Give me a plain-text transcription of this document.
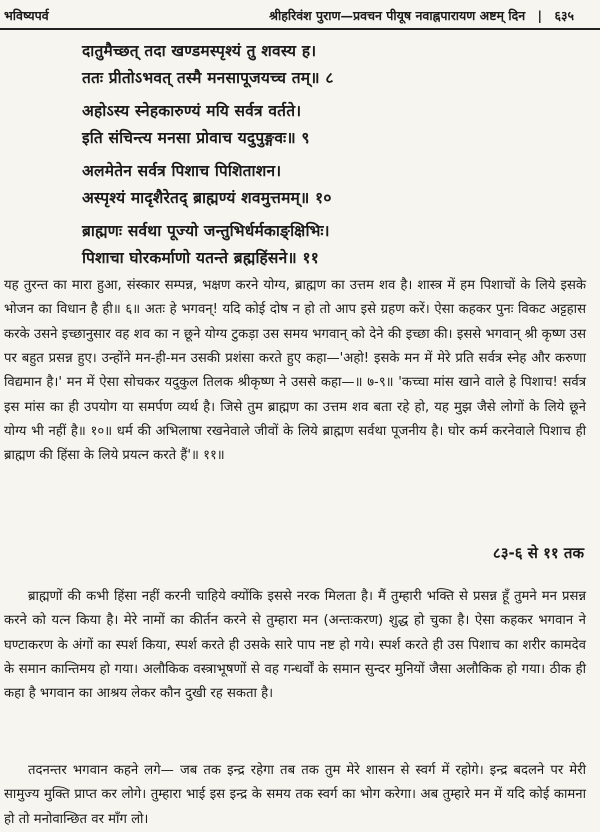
भविष्यपर्व	श्रीहरिवंश पुराण—प्रवचन पीयूष नवाह्नपारायण अष्टम् दिन | ६३५
दातुमैच्छत् तदा खण्डमस्पृश्यं तु शवस्य ह।
ततः प्रीतोऽभवत् तस्मै मनसापूजयच्च तम्॥ ८
अहोऽस्य स्नेहकारुण्यं मयि सर्वत्र वर्तते।
इति संचिन्त्य मनसा प्रोवाच यदुपुङ्गवः॥ ९
अलमेतेन सर्वत्र पिशाच पिशिताशन।
अस्पृश्यं मादृशैरेतद् ब्राह्मण्यं शवमुत्तमम्॥ १०
ब्राह्मणः सर्वथा पूज्यो जन्तुभिर्धर्मकाङ्क्षिभिः।
पिशाचा घोरकर्माणो यतन्ते ब्रह्महिंसने॥ ११

यह तुरन्त का मारा हुआ, संस्कार सम्पन्न, भक्षण करने योग्य, ब्राह्मण का उत्तम शव है। शास्त्र में हम पिशाचों के लिये इसके भोजन का विधान है ही॥ ६॥ अतः हे भगवन्! यदि कोई दोष न हो तो आप इसे ग्रहण करें। ऐसा कहकर पुनः विकट अट्टहास करके उसने इच्छानुसार वह शव का न छूने योग्य टुकड़ा उस समय भगवान् को देने की इच्छा की। इससे भगवान् श्री कृष्ण उस पर बहुत प्रसन्न हुए। उन्होंने मन-ही-मन उसकी प्रशंसा करते हुए कहा—'अहो! इसके मन में मेरे प्रति सर्वत्र स्नेह और करुणा विद्यमान है।' मन में ऐसा सोचकर यदुकुल तिलक श्रीकृष्ण ने उससे कहा—॥ ७-९॥ 'कच्चा मांस खाने वाले हे पिशाच! सर्वत्र इस मांस का ही उपयोग या समर्पण व्यर्थ है। जिसे तुम ब्राह्मण का उत्तम शव बता रहे हो, यह मुझ जैसे लोगों के लिये छूने योग्य भी नहीं है॥ १०॥ धर्म की अभिलाषा रखनेवाले जीवों के लिये ब्राह्मण सर्वथा पूजनीय है। घोर कर्म करनेवाले पिशाच ही ब्राह्मण की हिंसा के लिये प्रयत्न करते हैं'॥ ११॥

८३-६ से ११ तक

ब्राह्मणों की कभी हिंसा नहीं करनी चाहिये क्योंकि इससे नरक मिलता है। मैं तुम्हारी भक्ति से प्रसन्न हूँ तुमने मन प्रसन्न करने को यत्न किया है। मेरे नामों का कीर्तन करने से तुम्हारा मन (अन्तःकरण) शुद्ध हो चुका है। ऐसा कहकर भगवान ने घण्टाकरण के अंगों का स्पर्श किया, स्पर्श करते ही उसके सारे पाप नष्ट हो गये। स्पर्श करते ही उस पिशाच का शरीर कामदेव के समान कान्तिमय हो गया। अलौकिक वस्त्राभूषणों से वह गन्धर्वों के समान सुन्दर मुनियों जैसा अलौकिक हो गया। ठीक ही कहा है भगवान का आश्रय लेकर कौन दुखी रह सकता है।

तदनन्तर भगवान कहने लगे— जब तक इन्द्र रहेगा तब तक तुम मेरे शासन से स्वर्ग में रहोगे। इन्द्र बदलने पर मेरी सामुज्य मुक्ति प्राप्त कर लोगे। तुम्हारा भाई इस इन्द्र के समय तक स्वर्ग का भोग करेगा। अब तुम्हारे मन में यदि कोई कामना हो तो मनोवान्छित वर माँग लो।
